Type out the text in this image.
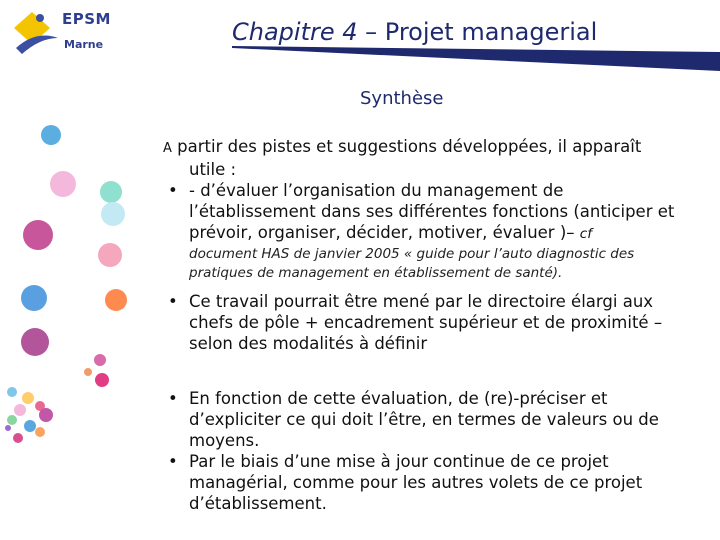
EPSM
Marne	Chapitre 4 – Projet managerial
Synthèse

A partir des pistes et suggestions développées, il apparaît

utile :
• - d’évaluer l’organisation du management de l’établissement dans ses différentes fonctions (anticiper et prévoir, organiser, décider, motiver, évaluer )– cf
document HAS de janvier 2005 « guide pour l’auto diagnostic des pratiques de management en établissement de santé).
• Ce travail pourrait être mené par le directoire élargi aux chefs de pôle + encadrement supérieur et de proximité – selon des modalités à définir
• En fonction de cette évaluation, de (re)-préciser et d’expliciter ce qui doit l’être, en termes de valeurs ou de moyens.
• Par le biais d’une mise à jour continue de ce projet managérial, comme pour les autres volets de ce projet d’établissement.
